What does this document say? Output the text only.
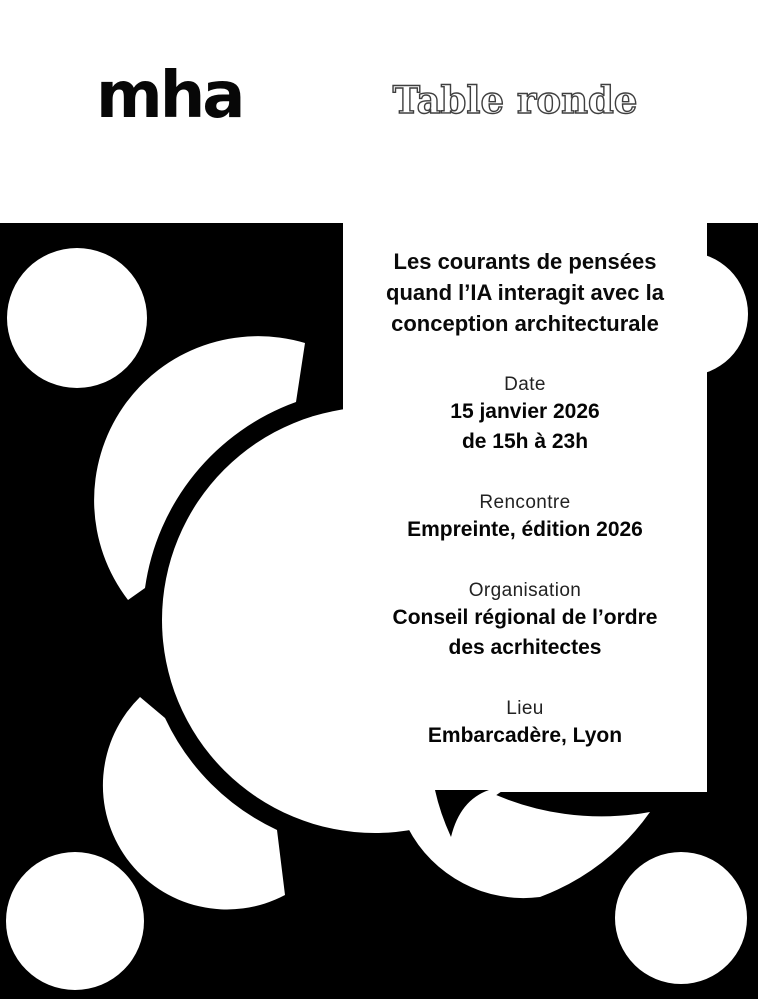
mha	Table ronde
Les courants de pensées
quand l’IA interagit avec la
conception architecturale
Date
15 janvier 2026
de 15h à 23h
Rencontre
Empreinte, édition 2026
Organisation
Conseil régional de l’ordre
des acrhitectes
Lieu
Embarcadère, Lyon
